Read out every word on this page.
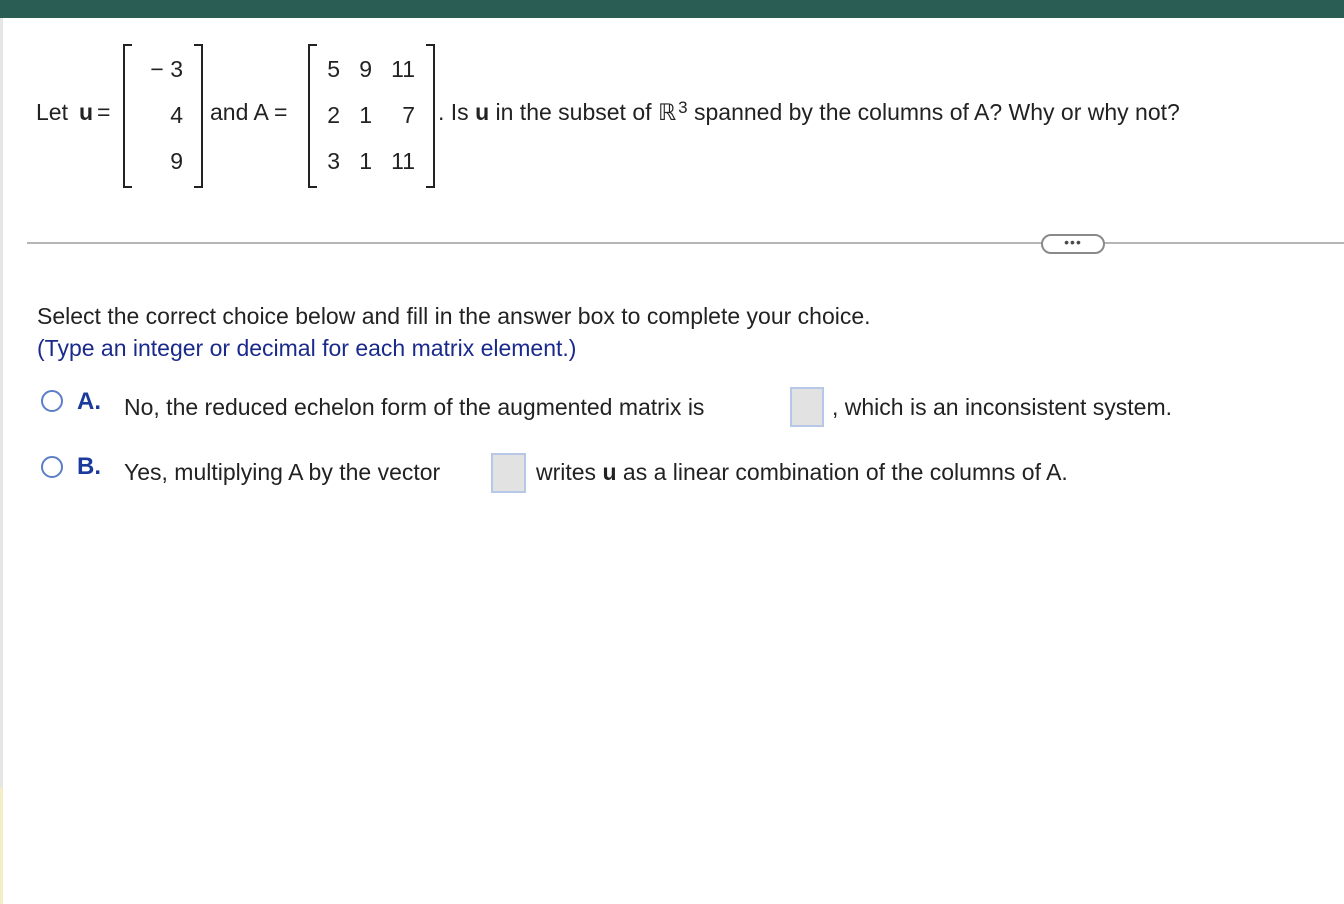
Let u =
− 3
4
9
and A =
5 9 11
2 1	7
3 1 11
. Is u in the subset of ℝ $^3$ spanned by the columns of A? Why or why not?
•••
Select the correct choice below and fill in the answer box to complete your choice.
(Type an integer or decimal for each matrix element.)
A. No, the reduced echelon form of the augmented matrix is	, which is an inconsistent system.
B. Yes, multiplying A by the vector	writes u as a linear combination of the columns of A.
